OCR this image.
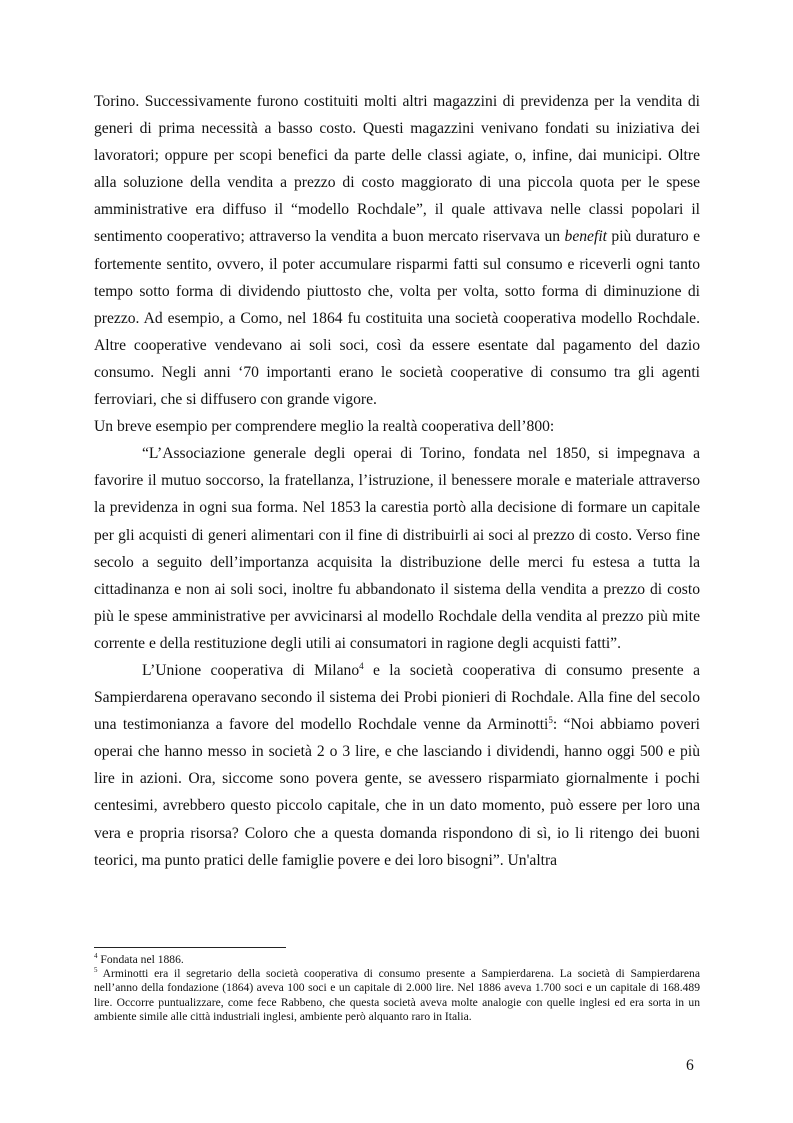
Torino. Successivamente furono costituiti molti altri magazzini di previdenza per la vendita di generi di prima necessità a basso costo. Questi magazzini venivano fondati su iniziativa dei lavoratori; oppure per scopi benefici da parte delle classi agiate, o, infine, dai municipi. Oltre alla soluzione della vendita a prezzo di costo maggiorato di una piccola quota per le spese amministrative era diffuso il “modello Rochdale”, il quale attivava nelle classi popolari il sentimento cooperativo; attraverso la vendita a buon mercato riservava un benefit più duraturo e fortemente sentito, ovvero, il poter accumulare risparmi fatti sul consumo e riceverli ogni tanto tempo sotto forma di dividendo piuttosto che, volta per volta, sotto forma di diminuzione di prezzo. Ad esempio, a Como, nel 1864 fu costituita una società cooperativa modello Rochdale. Altre cooperative vendevano ai soli soci, così da essere esentate dal pagamento del dazio consumo. Negli anni ‘70 importanti erano le società cooperative di consumo tra gli agenti ferroviari, che si diffusero con grande vigore.

Un breve esempio per comprendere meglio la realtà cooperativa dell’800:

“L’Associazione generale degli operai di Torino, fondata nel 1850, si impegnava a favorire il mutuo soccorso, la fratellanza, l’istruzione, il benessere morale e materiale attraverso la previdenza in ogni sua forma. Nel 1853 la carestia portò alla decisione di formare un capitale per gli acquisti di generi alimentari con il fine di distribuirli ai soci al prezzo di costo. Verso fine secolo a seguito dell’importanza acquisita la distribuzione delle merci fu estesa a tutta la cittadinanza e non ai soli soci, inoltre fu abbandonato il sistema della vendita a prezzo di costo più le spese amministrative per avvicinarsi al modello Rochdale della vendita al prezzo più mite corrente e della restituzione degli utili ai consumatori in ragione degli acquisti fatti”.

L’Unione cooperativa di Milano$^4$ e la società cooperativa di consumo presente a Sampierdarena operavano secondo il sistema dei Probi pionieri di Rochdale. Alla fine del secolo una testimonianza a favore del modello Rochdale venne da Arminotti$^5$: “Noi abbiamo poveri operai che hanno messo in società 2 o 3 lire, e che lasciando i dividendi, hanno oggi 500 e più lire in azioni. Ora, siccome sono povera gente, se avessero risparmiato giornalmente i pochi centesimi, avrebbero questo piccolo capitale, che in un dato momento, può essere per loro una vera e propria risorsa? Coloro che a questa domanda rispondono di sì, io li ritengo dei buoni teorici, ma punto pratici delle famiglie povere e dei loro bisogni”. Un'altra

$^4$ Fondata nel 1886.

$^5$ Arminotti era il segretario della società cooperativa di consumo presente a Sampierdarena. La società di Sampierdarena nell’anno della fondazione (1864) aveva 100 soci e un capitale di 2.000 lire. Nel 1886 aveva 1.700 soci e un capitale di 168.489 lire. Occorre puntualizzare, come fece Rabbeno, che questa società aveva molte analogie con quelle inglesi ed era sorta in un ambiente simile alle città industriali inglesi, ambiente però alquanto raro in Italia.

6
